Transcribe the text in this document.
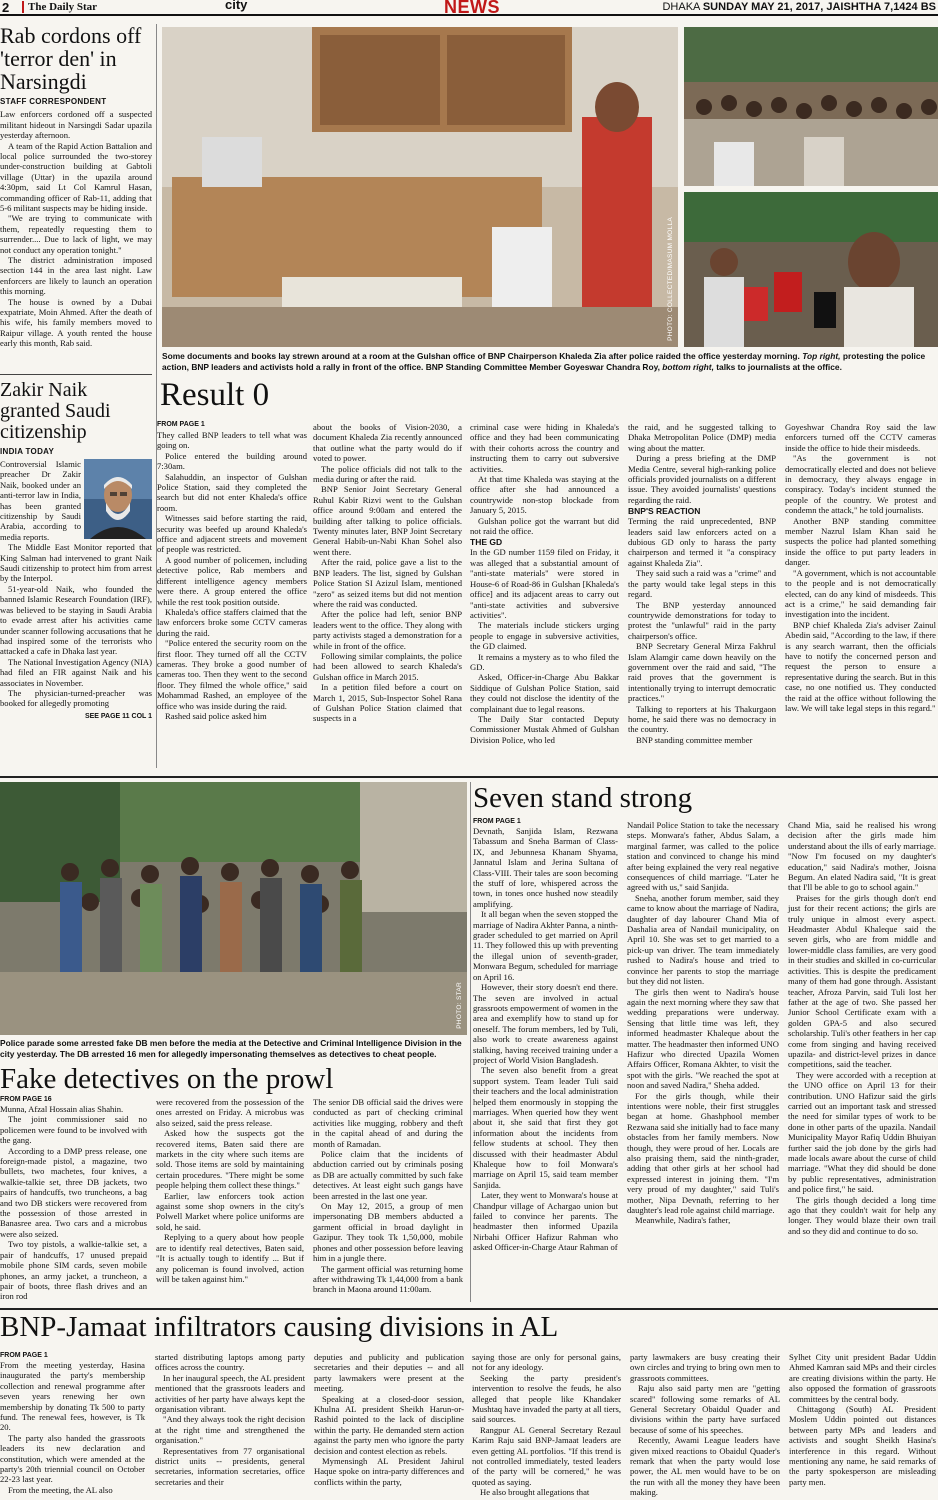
2	The Daily Star	city	NEWS	DHAKA SUNDAY MAY 21, 2017, JAISHTHA 7,1424 BS
Rab cordons off 'terror den' in Narsingdi
STAFF CORRESPONDENT

Law enforcers cordoned off a suspected militant hideout in Narsingdi Sadar upazila yesterday afternoon.

A team of the Rapid Action Battalion and local police surrounded the two-storey under-construction building at Gabtoli village (Uttar) in the upazila around 4:30pm, said Lt Col Kamrul Hasan, commanding officer of Rab-11, adding that 5-6 militant suspects may be hiding inside.

"We are trying to communicate with them, repeatedly requesting them to surrender.... Due to lack of light, we may not conduct any operation tonight."

The district administration imposed section 144 in the area last night. Law enforcers are likely to launch an operation this morning.

The house is owned by a Dubai expatriate, Moin Ahmed. After the death of his wife, his family members moved to Raipur village. A youth rented the house early this month, Rab said.

Zakir Naik granted Saudi citizenship
INDIA TODAY

Controversial Islamic preacher Dr Zakir Naik, booked under an anti-terror law in India, has been granted citizenship by Saudi Arabia, according to media reports.

The Middle East Monitor reported that King Salman had intervened to grant Naik Saudi citizenship to protect him from arrest by the Interpol.

51-year-old Naik, who founded the banned Islamic Research Foundation (IRF), was believed to be staying in Saudi Arabia to evade arrest after his activities came under scanner following accusations that he had inspired some of the terrorists who attacked a cafe in Dhaka last year.

The National Investigation Agency (NIA) had filed an FIR against Naik and his associates in November.

The physician-turned-preacher was booked for allegedly promoting

SEE PAGE 11 COL 1
PHOTO: COLLECTED/MASUM MOLLA
Some documents and books lay strewn around at a room at the Gulshan office of BNP Chairperson Khaleda Zia after police raided the office yesterday morning. Top right, protesting the police action, BNP leaders and activists hold a rally in front of the office. BNP Standing Committee Member Goyeswar Chandra Roy, bottom right, talks to journalists at the office.
Result 0
FROM PAGE 1

They called BNP leaders to tell what was going on.

Police entered the building around 7:30am.

Salahuddin, an inspector of Gulshan Police Station, said they completed the search but did not enter Khaleda's office room.

Witnesses said before starting the raid, security was beefed up around Khaleda's office and adjacent streets and movement of people was restricted.

A good number of policemen, including detective police, Rab members and different intelligence agency members were there. A group entered the office while the rest took position outside.

Khaleda's office staffers claimed that the law enforcers broke some CCTV cameras during the raid.

"Police entered the security room on the first floor. They turned off all the CCTV cameras. They broke a good number of cameras too. Then they went to the second floor. They filmed the whole office," said Mohammad Rashed, an employee of the office who was inside during the raid.

Rashed said police asked him

about the books of Vision-2030, a document Khaleda Zia recently announced that outline what the party would do if voted to power.

The police officials did not talk to the media during or after the raid.

BNP Senior Joint Secretary General Ruhul Kabir Rizvi went to the Gulshan office around 9:00am and entered the building after talking to police officials. Twenty minutes later, BNP Joint Secretary General Habib-un-Nabi Khan Sohel also went there.

After the raid, police gave a list to the BNP leaders. The list, signed by Gulshan Police Station SI Azizul Islam, mentioned "zero" as seized items but did not mention where the raid was conducted.

After the police had left, senior BNP leaders went to the office. They along with party activists staged a demonstration for a while in front of the office.

Following similar complaints, the police had been allowed to search Khaleda's Gulshan office in March 2015.

In a petition filed before a court on March 1, 2015, Sub-Inspector Sohel Rana of Gulshan Police Station claimed that suspects in a

criminal case were hiding in Khaleda's office and they had been communicating with their cohorts across the country and instructing them to carry out subversive activities.

At that time Khaleda was staying at the office after she had announced a countrywide non-stop blockade from January 5, 2015.

Gulshan police got the warrant but did not raid the office.

THE GD

In the GD number 1159 filed on Friday, it was alleged that a substantial amount of "anti-state materials" were stored in House-6 of Road-86 in Gulshan [Khaleda's office] and its adjacent areas to carry out "anti-state activities and subversive activities".

The materials include stickers urging people to engage in subversive activities, the GD claimed.

It remains a mystery as to who filed the GD.

Asked, Officer-in-Charge Abu Bakkar Siddique of Gulshan Police Station, said they could not disclose the identity of the complainant due to legal reasons.

The Daily Star contacted Deputy Commissioner Mustak Ahmed of Gulshan Division Police, who led

the raid, and he suggested talking to Dhaka Metropolitan Police (DMP) media wing about the matter.

During a press briefing at the DMP Media Centre, several high-ranking police officials provided journalists on a different issue. They avoided journalists' questions regarding the raid.

BNP'S REACTION

Terming the raid unprecedented, BNP leaders said law enforcers acted on a dubious GD only to harass the party chairperson and termed it "a conspiracy against Khaleda Zia".

They said such a raid was a "crime" and the party would take legal steps in this regard.

The BNP yesterday announced countrywide demonstrations for today to protest the "unlawful" raid in the party chairperson's office.

BNP Secretary General Mirza Fakhrul Islam Alamgir came down heavily on the government over the raid and said, "The raid proves that the government is intentionally trying to interrupt democratic practices."

Talking to reporters at his Thakurgaon home, he said there was no democracy in the country.

BNP standing committee member

Goyeshwar Chandra Roy said the law enforcers turned off the CCTV cameras inside the office to hide their misdeeds.

"As the government is not democratically elected and does not believe in democracy, they always engage in conspiracy. Today's incident stunned the people of the country. We protest and condemn the attack," he told journalists.

Another BNP standing committee member Nazrul Islam Khan said he suspects the police had planted something inside the office to put party leaders in danger.

"A government, which is not accountable to the people and is not democratically elected, can do any kind of misdeeds. This act is a crime," he said demanding fair investigation into the incident.

BNP chief Khaleda Zia's adviser Zainul Abedin said, "According to the law, if there is any search warrant, then the officials have to notify the concerned person and request the person to ensure a representative during the search. But in this case, no one notified us. They conducted the raid at the office without following the law. We will take legal steps in this regard."

PHOTO: STAR
Police parade some arrested fake DB men before the media at the Detective and Criminal Intelligence Division in the city yesterday. The DB arrested 16 men for allegedly impersonating themselves as detectives to cheat people.
Fake detectives on the prowl
FROM PAGE 16

Munna, Afzal Hossain alias Shahin.

The joint commissioner said no policemen were found to be involved with the gang.

According to a DMP press release, one foreign-made pistol, a magazine, two bullets, two machetes, four knives, a walkie-talkie set, three DB jackets, two pairs of handcuffs, two truncheons, a bag and two DB stickers were recovered from the possession of those arrested in Banasree area. Two cars and a microbus were also seized.

Two toy pistols, a walkie-talkie set, a pair of handcuffs, 17 unused prepaid mobile phone SIM cards, seven mobile phones, an army jacket, a truncheon, a pair of boots, three flash drives and an iron rod

were recovered from the possession of the ones arrested on Friday. A microbus was also seized, said the press release.

Asked how the suspects got the recovered items, Baten said there are markets in the city where such items are sold. Those items are sold by maintaining certain procedures. "There might be some people helping them collect these things."

Earlier, law enforcers took action against some shop owners in the city's Polwell Market where police uniforms are sold, he said.

Replying to a query about how people are to identify real detectives, Baten said, "It is actually tough to identify ... But if any policeman is found involved, action will be taken against him."

The senior DB official said the drives were conducted as part of checking criminal activities like mugging, robbery and theft in the capital ahead of and during the month of Ramadan.

Police claim that the incidents of abduction carried out by criminals posing as DB are actually committed by such fake detectives. At least eight such gangs have been arrested in the last one year.

On May 12, 2015, a group of men impersonating DB members abducted a garment official in broad daylight in Gazipur. They took Tk 1,50,000, mobile phones and other possession before leaving him in a jungle there.

The garment official was returning home after withdrawing Tk 1,44,000 from a bank branch in Maona around 11:00am.

Seven stand strong
FROM PAGE 1

Devnath, Sanjida Islam, Rezwana Tabassum and Sneha Barman of Class-IX, and Jebunnesa Khanam Shyama, Jannatul Islam and Jerina Sultana of Class-VIII. Their tales are soon becoming the stuff of lore, whispered across the town, in tones once hushed now steadily amplifying.

It all began when the seven stopped the marriage of Nadira Akhter Panna, a ninth-grader scheduled to get married on April 11. They followed this up with preventing the illegal union of seventh-grader, Monwara Begum, scheduled for marriage on April 16.

However, their story doesn't end there. The seven are involved in actual grassroots empowerment of women in the area and exemplify how to stand up for oneself. The forum members, led by Tuli, also work to create awareness against stalking, having received training under a project of World Vision Bangladesh.

The seven also benefit from a great support system. Team leader Tuli said their teachers and the local administration helped them enormously in stopping the marriages. When queried how they went about it, she said that first they got information about the incidents from fellow students at school. They then discussed with their headmaster Abdul Khaleque how to foil Monwara's marriage on April 15, said team member Sanjida.

Later, they went to Monwara's house at Chandpur village of Achargao union but failed to convince her parents. The headmaster then informed Upazila Nirbahi Officer Hafizur Rahman who asked Officer-in-Charge Ataur Rahman of

Nandail Police Station to take the necessary steps. Monwara's father, Abdus Salam, a marginal farmer, was called to the police station and convinced to change his mind after being explained the very real negative consequences of child marriage. "Later he agreed with us," said Sanjida.

Sneha, another forum member, said they came to know about the marriage of Nadira, daughter of day labourer Chand Mia of Dashalia area of Nandail municipality, on April 10. She was set to get married to a pick-up van driver. The team immediately rushed to Nadira's house and tried to convince her parents to stop the marriage but they did not listen.

The girls then went to Nadira's house again the next morning where they saw that wedding preparations were underway. Sensing that little time was left, they informed headmaster Khaleque about the matter. The headmaster then informed UNO Hafizur who directed Upazila Women Affairs Officer, Romana Akhter, to visit the spot with the girls. "We reached the spot at noon and saved Nadira," Sheha added.

For the girls though, while their intentions were noble, their first struggles began at home. Ghashphool member Rezwana said she initially had to face many obstacles from her family members. Now though, they were proud of her. Locals are also praising them, said the ninth-grader, adding that other girls at her school had expressed interest in joining them. "I'm very proud of my daughter," said Tuli's mother, Nipa Devnath, referring to her daughter's lead role against child marriage.

Meanwhile, Nadira's father,

Chand Mia, said he realised his wrong decision after the girls made him understand about the ills of early marriage. "Now I'm focused on my daughter's education," said Nadira's mother, Joisna Begum. An elated Nadira said, "It is great that I'll be able to go to school again."

Praises for the girls though don't end just for their recent actions; the girls are truly unique in almost every aspect. Headmaster Abdul Khaleque said the seven girls, who are from middle and lower-middle class families, are very good in their studies and skilled in co-curricular activities. This is despite the predicament many of them had gone through. Assistant teacher, Afroza Parvin, said Tuli lost her father at the age of two. She passed her Junior School Certificate exam with a golden GPA-5 and also secured scholarship. Tuli's other feathers in her cap come from singing and having received upazila- and district-level prizes in dance competitions, said the teacher.

They were accorded with a reception at the UNO office on April 13 for their contribution. UNO Hafizur said the girls carried out an important task and stressed the need for similar types of work to be done in other parts of the upazila. Nandail Municipality Mayor Rafiq Uddin Bhuiyan further said the job done by the girls had made locals aware about the curse of child marriage. "What they did should be done by public representatives, administration and police first," he said.

The girls though decided a long time ago that they couldn't wait for help any longer. They would blaze their own trail and so they did and continue to do so.

BNP-Jamaat infiltrators causing divisions in AL
FROM PAGE 1

From the meeting yesterday, Hasina inaugurated the party's membership collection and renewal programme after seven years renewing her own membership by donating Tk 500 to party fund. The renewal fees, however, is Tk 20.

The party also handed the grassroots leaders its new declaration and constitution, which were amended at the party's 20th triennial council on October 22-23 last year.

From the meeting, the AL also

started distributing laptops among party offices across the country.

In her inaugural speech, the AL president mentioned that the grassroots leaders and activities of her party have always kept the organisation vibrant.

"And they always took the right decision at the right time and strengthened the organisation."

Representatives from 77 organisational district units -- presidents, general secretaries, information secretaries, office secretaries and their

deputies and publicity and publication secretaries and their deputies -- and all party lawmakers were present at the meeting.

Speaking at a closed-door session, Khulna AL president Sheikh Harun-or-Rashid pointed to the lack of discipline within the party. He demanded stern action against the party men who ignore the party decision and contest election as rebels.

Mymensingh AL President Jahirul Haque spoke on intra-party differences and conflicts within the party,

saying those are only for personal gains, not for any ideology.

Seeking the party president's intervention to resolve the feuds, he also alleged that people like Khandaker Mushtaq have invaded the party at all tiers, said sources.

Rangpur AL General Secretary Rezaul Karim Raju said BNP-Jamaat leaders are even getting AL portfolios. "If this trend is not controlled immediately, tested leaders of the party will be cornered," he was quoted as saying.

He also brought allegations that

party lawmakers are busy creating their own circles and trying to bring own men to grassroots committees.

Raju also said party men are "getting scared" following some remarks of AL General Secretary Obaidul Quader and divisions within the party have surfaced because of some of his speeches.

Recently, Awami League leaders have given mixed reactions to Obaidul Quader's remark that when the party would lose power, the AL men would have to be on the run with all the money they have been making.

Sylhet City unit president Badar Uddin Ahmed Kamran said MPs and their circles are creating divisions within the party. He also opposed the formation of grassroots committees by the central body.

Chittagong (South) AL President Moslem Uddin pointed out distances between party MPs and leaders and activists and sought Sheikh Hasina's interference in this regard. Without mentioning any name, he said remarks of the party spokesperson are misleading party men.
